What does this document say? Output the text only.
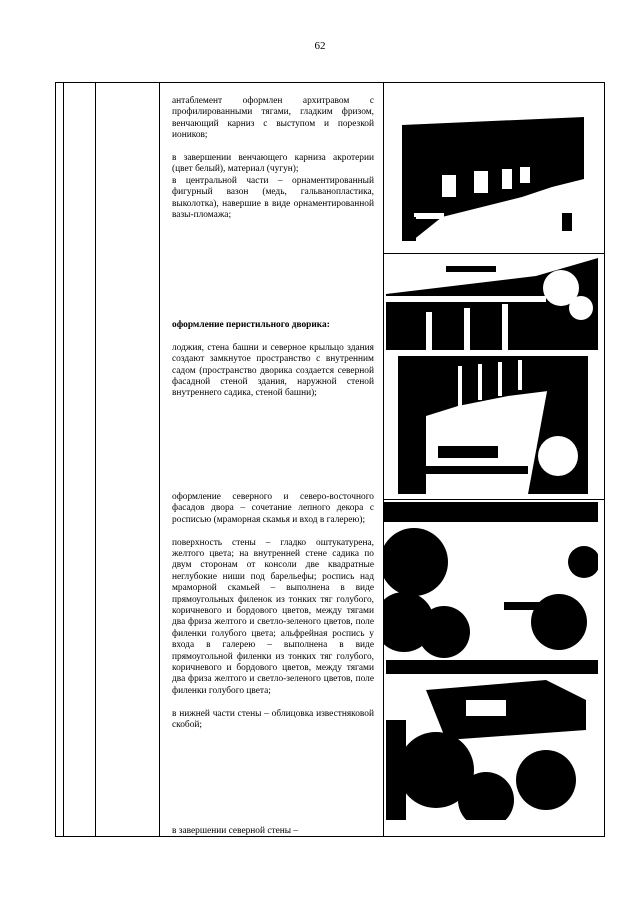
62

антаблемент оформлен архитравом с профилированными тягами, гладким фризом, венчающий карниз с выступом и порезкой иоников;

в завершении венчающего карниза акротерии (цвет белый), материал (чугун);

в центральной части – орнаментированный фигурный вазон (медь, гальванопластика, выколотка), навершие в виде орнаментированной вазы-пломажа;

оформление перистильного дворика:

лоджия, стена башни и северное крыльцо здания создают замкнутое пространство с внутренним садом (пространство дворика создается северной фасадной стеной здания, наружной стеной внутреннего садика, стеной башни);

оформление северного и северо-восточного фасадов двора – сочетание лепного декора с росписью (мраморная скамья и вход в галерею);

поверхность стены – гладко оштукатурена, желтого цвета; на внутренней стене садика по двум сторонам от консоли две квадратные неглубокие ниши под барельефы; роспись над мраморной скамьей – выполнена в виде прямоугольных филенок из тонких тяг голубого, коричневого и бордового цветов, между тягами два фриза желтого и светло-зеленого цветов, поле филенки голубого цвета; альфрейная роспись у входа в галерею – выполнена в виде прямоугольной филенки из тонких тяг голубого, коричневого и бордового цветов, между тягами два фриза желтого и светло-зеленого цветов, поле филенки голубого цвета;

в нижней части стены – облицовка известняковой скобой;

в завершении северной стены –
